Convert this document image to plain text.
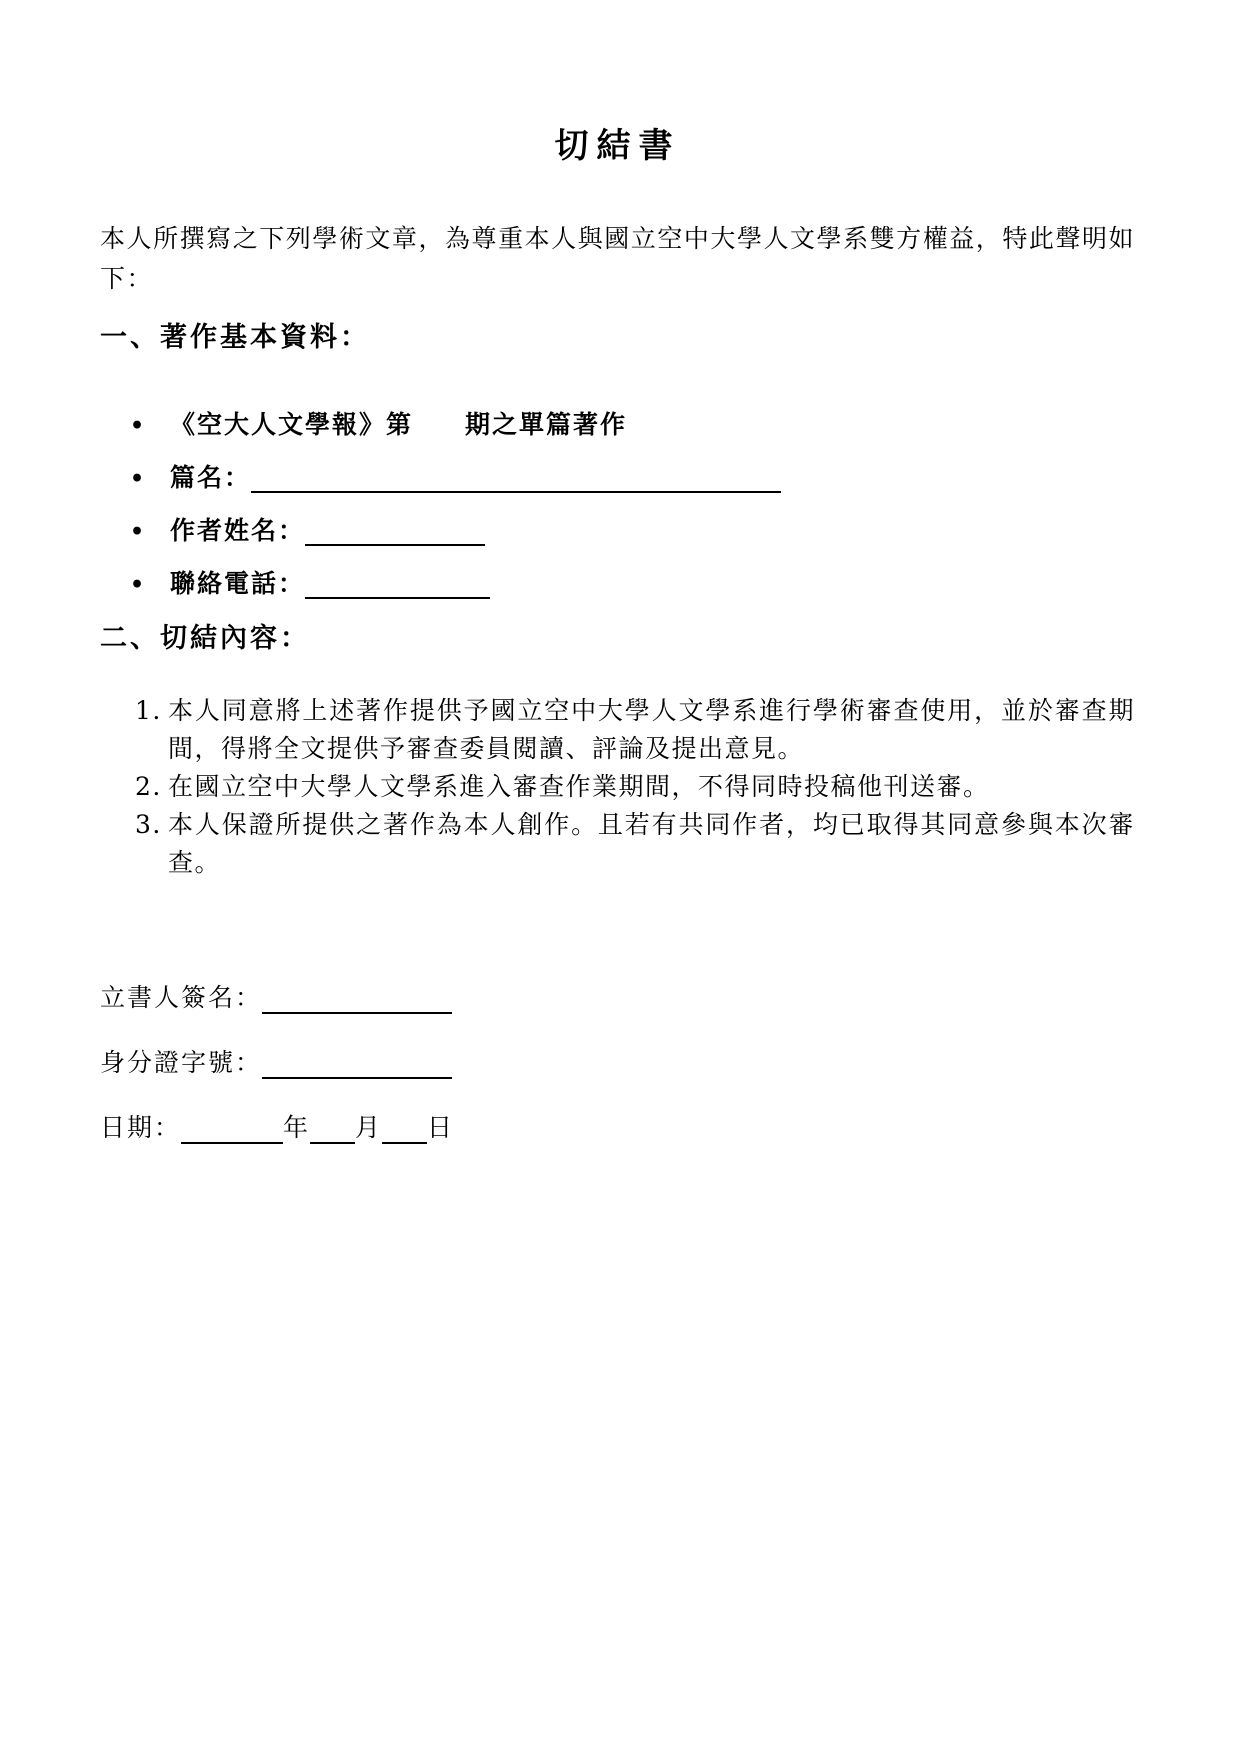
切結書

本人所撰寫之下列學術文章，為尊重本人與國立空中大學人文學系雙方權益，特此聲明如下：

一、著作基本資料：
• 《空大人文學報》第 期之單篇著作
• 篇名：
• 作者姓名：
• 聯絡電話：
二、切結內容：
1. 本人同意將上述著作提供予國立空中大學人文學系進行學術審查使用，並於審查期間，得將全文提供予審查委員閱讀、評論及提出意見。
2. 在國立空中大學人文學系進入審查作業期間，不得同時投稿他刊送審。
3. 本人保證所提供之著作為本人創作。且若有共同作者，均已取得其同意參與本次審查。
立書人簽名：
身分證字號：
日期：	年 月 日
